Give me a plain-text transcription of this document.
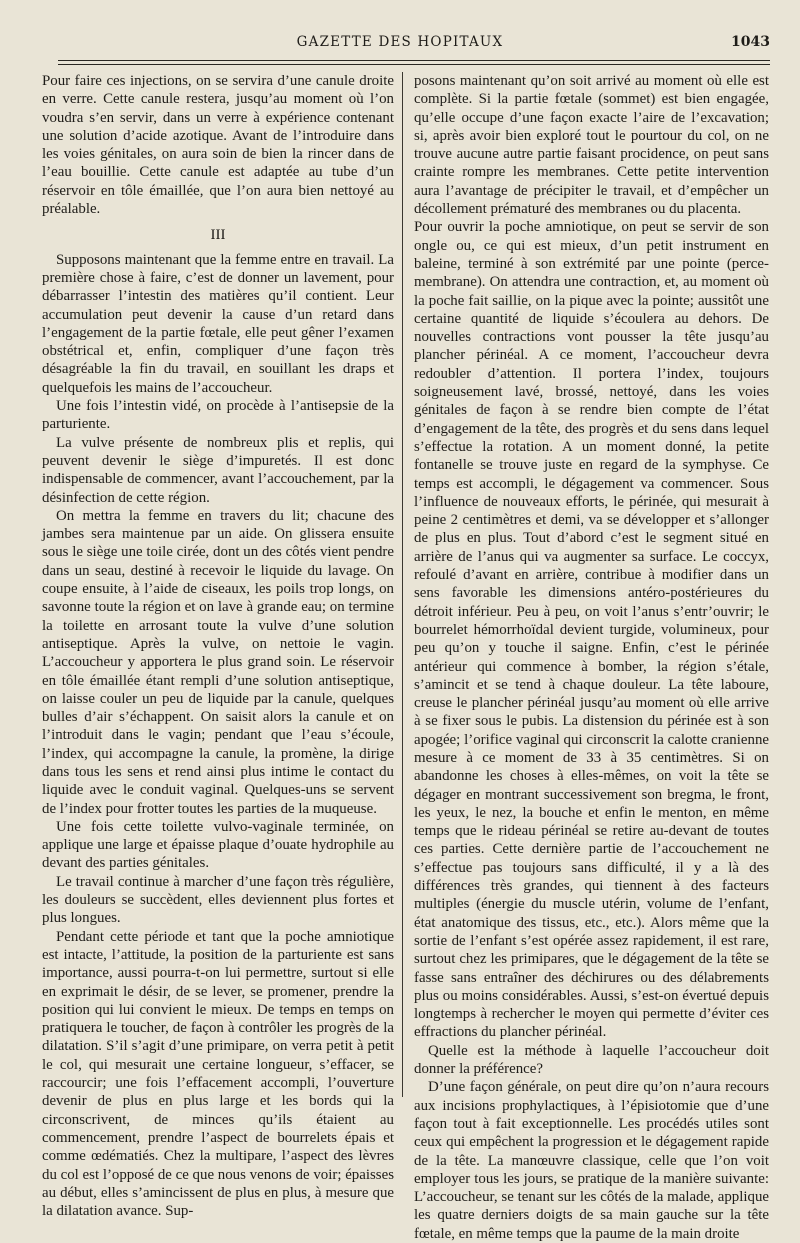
GAZETTE DES HOPITAUX	1043

Pour faire ces injections, on se servira d’une canule droite en verre. Cette canule restera, jusqu’au moment où l’on voudra s’en servir, dans un verre à expérience contenant une solution d’acide azotique. Avant de l’introduire dans les voies génitales, on aura soin de bien la rincer dans de l’eau bouillie. Cette canule est adaptée au tube d’un réservoir en tôle émaillée, que l’on aura bien nettoyé au préalable.

III

Supposons maintenant que la femme entre en travail. La première chose à faire, c’est de donner un lavement, pour débarrasser l’intestin des matières qu’il contient. Leur accumulation peut devenir la cause d’un retard dans l’engagement de la partie fœtale, elle peut gêner l’examen obstétrical et, enfin, compliquer d’une façon très désagréable la fin du travail, en souillant les draps et quelquefois les mains de l’accoucheur.

Une fois l’intestin vidé, on procède à l’antisepsie de la parturiente.

La vulve présente de nombreux plis et replis, qui peuvent devenir le siège d’impuretés. Il est donc indispensable de commencer, avant l’accouchement, par la désinfection de cette région.

On mettra la femme en travers du lit; chacune des jambes sera maintenue par un aide. On glissera ensuite sous le siège une toile cirée, dont un des côtés vient pendre dans un seau, destiné à recevoir le liquide du lavage. On coupe ensuite, à l’aide de ciseaux, les poils trop longs, on savonne toute la région et on lave à grande eau; on termine la toilette en arrosant toute la vulve d’une solution antiseptique. Après la vulve, on nettoie le vagin. L’accoucheur y apportera le plus grand soin. Le réservoir en tôle émaillée étant rempli d’une solution antiseptique, on laisse couler un peu de liquide par la canule, quelques bulles d’air s’échappent. On saisit alors la canule et on l’introduit dans le vagin; pendant que l’eau s’écoule, l’index, qui accompagne la canule, la promène, la dirige dans tous les sens et rend ainsi plus intime le contact du liquide avec le conduit vaginal. Quelques-uns se servent de l’index pour frotter toutes les parties de la muqueuse.

Une fois cette toilette vulvo-vaginale terminée, on applique une large et épaisse plaque d’ouate hydrophile au devant des parties génitales.

Le travail continue à marcher d’une façon très régulière, les douleurs se succèdent, elles deviennent plus fortes et plus longues.

Pendant cette période et tant que la poche amniotique est intacte, l’attitude, la position de la parturiente est sans importance, aussi pourra-t-on lui permettre, surtout si elle en exprimait le désir, de se lever, se promener, prendre la position qui lui convient le mieux. De temps en temps on pratiquera le toucher, de façon à contrôler les progrès de la dilatation. S’il s’agit d’une primipare, on verra petit à petit le col, qui mesurait une certaine longueur, s’effacer, se raccourcir; une fois l’effacement accompli, l’ouverture devenir de plus en plus large et les bords qui la circonscrivent, de minces qu’ils étaient au commencement, prendre l’aspect de bourrelets épais et comme œdématiés. Chez la multipare, l’aspect des lèvres du col est l’opposé de ce que nous venons de voir; épaisses au début, elles s’amincissent de plus en plus, à mesure que la dilatation avance. Sup-

posons maintenant qu’on soit arrivé au moment où elle est complète. Si la partie fœtale (sommet) est bien engagée, qu’elle occupe d’une façon exacte l’aire de l’excavation; si, après avoir bien exploré tout le pourtour du col, on ne trouve aucune autre partie faisant procidence, on peut sans crainte rompre les membranes. Cette petite intervention aura l’avantage de précipiter le travail, et d’empêcher un décollement prématuré des membranes ou du placenta.

Pour ouvrir la poche amniotique, on peut se servir de son ongle ou, ce qui est mieux, d’un petit instrument en baleine, terminé à son extrémité par une pointe (perce-membrane). On attendra une contraction, et, au moment où la poche fait saillie, on la pique avec la pointe; aussitôt une certaine quantité de liquide s’écoulera au dehors. De nouvelles contractions vont pousser la tête jusqu’au plancher périnéal. A ce moment, l’accoucheur devra redoubler d’attention. Il portera l’index, toujours soigneusement lavé, brossé, nettoyé, dans les voies génitales de façon à se rendre bien compte de l’état d’engagement de la tête, des progrès et du sens dans lequel s’effectue la rotation. A un moment donné, la petite fontanelle se trouve juste en regard de la symphyse. Ce temps est accompli, le dégagement va commencer. Sous l’influence de nouveaux efforts, le périnée, qui mesurait à peine 2 centimètres et demi, va se développer et s’allonger de plus en plus. Tout d’abord c’est le segment situé en arrière de l’anus qui va augmenter sa surface. Le coccyx, refoulé d’avant en arrière, contribue à modifier dans un sens favorable les dimensions antéro-postérieures du détroit inférieur. Peu à peu, on voit l’anus s’entr’ouvrir; le bourrelet hémorrhoïdal devient turgide, volumineux, pour peu qu’on y touche il saigne. Enfin, c’est le périnée antérieur qui commence à bomber, la région s’étale, s’amincit et se tend à chaque douleur. La tête laboure, creuse le plancher périnéal jusqu’au moment où elle arrive à se fixer sous le pubis. La distension du périnée est à son apogée; l’orifice vaginal qui circonscrit la calotte cranienne mesure à ce moment de 33 à 35 centimètres. Si on abandonne les choses à elles-mêmes, on voit la tête se dégager en montrant successivement son bregma, le front, les yeux, le nez, la bouche et enfin le menton, en même temps que le rideau périnéal se retire au-devant de toutes ces parties. Cette dernière partie de l’accouchement ne s’effectue pas toujours sans difficulté, il y a là des différences très grandes, qui tiennent à des facteurs multiples (énergie du muscle utérin, volume de l’enfant, état anatomique des tissus, etc., etc.). Alors même que la sortie de l’enfant s’est opérée assez rapidement, il est rare, surtout chez les primipares, que le dégagement de la tête se fasse sans entraîner des déchirures ou des délabrements plus ou moins considérables. Aussi, s’est-on évertué depuis longtemps à rechercher le moyen qui permette d’éviter ces effractions du plancher périnéal.

Quelle est la méthode à laquelle l’accoucheur doit donner la préférence?

D’une façon générale, on peut dire qu’on n’aura recours aux incisions prophylactiques, à l’épisiotomie que d’une façon tout à fait exceptionnelle. Les procédés utiles sont ceux qui empêchent la progression et le dégagement rapide de la tête. La manœuvre classique, celle que l’on voit employer tous les jours, se pratique de la manière suivante: L’accoucheur, se tenant sur les côtés de la malade, applique les quatre derniers doigts de sa main gauche sur la tête fœtale, en même temps que la paume de la main droite
